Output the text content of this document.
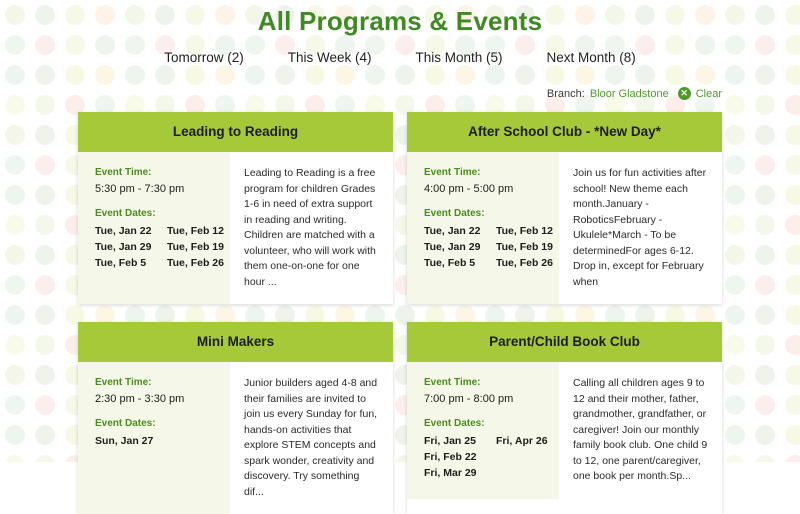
All Programs & Events
Tomorrow (2)	This Week (4)	This Month (5)	Next Month (8)
Branch: Bloor Gladstone	✕ Clear
Leading to Reading
Event Time:
5:30 pm - 7:30 pm
Event Dates:
Tue, Jan 22	Tue, Feb 12
Tue, Jan 29	Tue, Feb 19
Tue, Feb 5	Tue, Feb 26

Leading to Reading is a free program for children Grades 1-6 in need of extra support in reading and writing. Children are matched with a volunteer, who will work with them one-on-one for one hour ...

After School Club - *New Day*
Event Time:
4:00 pm - 5:00 pm
Event Dates:
Tue, Jan 22	Tue, Feb 12
Tue, Jan 29	Tue, Feb 19
Tue, Feb 5	Tue, Feb 26

Join us for fun activities after school! New theme each month.January - RoboticsFebruary - Ukulele*March - To be determinedFor ages 6-12. Drop in, except for February when

Mini Makers
Event Time:
2:30 pm - 3:30 pm
Event Dates:
Sun, Jan 27

Junior builders aged 4-8 and their families are invited to join us every Sunday for fun, hands-on activities that explore STEM concepts and spark wonder, creativity and discovery. Try something dif...

Parent/Child Book Club
Event Time:
7:00 pm - 8:00 pm
Event Dates:
Fri, Jan 25	Fri, Apr 26
Fri, Feb 22
Fri, Mar 29

Calling all children ages 9 to 12 and their mother, father, grandmother, grandfather, or caregiver! Join our monthly family book club. One child 9 to 12, one parent/caregiver, one book per month.Sp...
